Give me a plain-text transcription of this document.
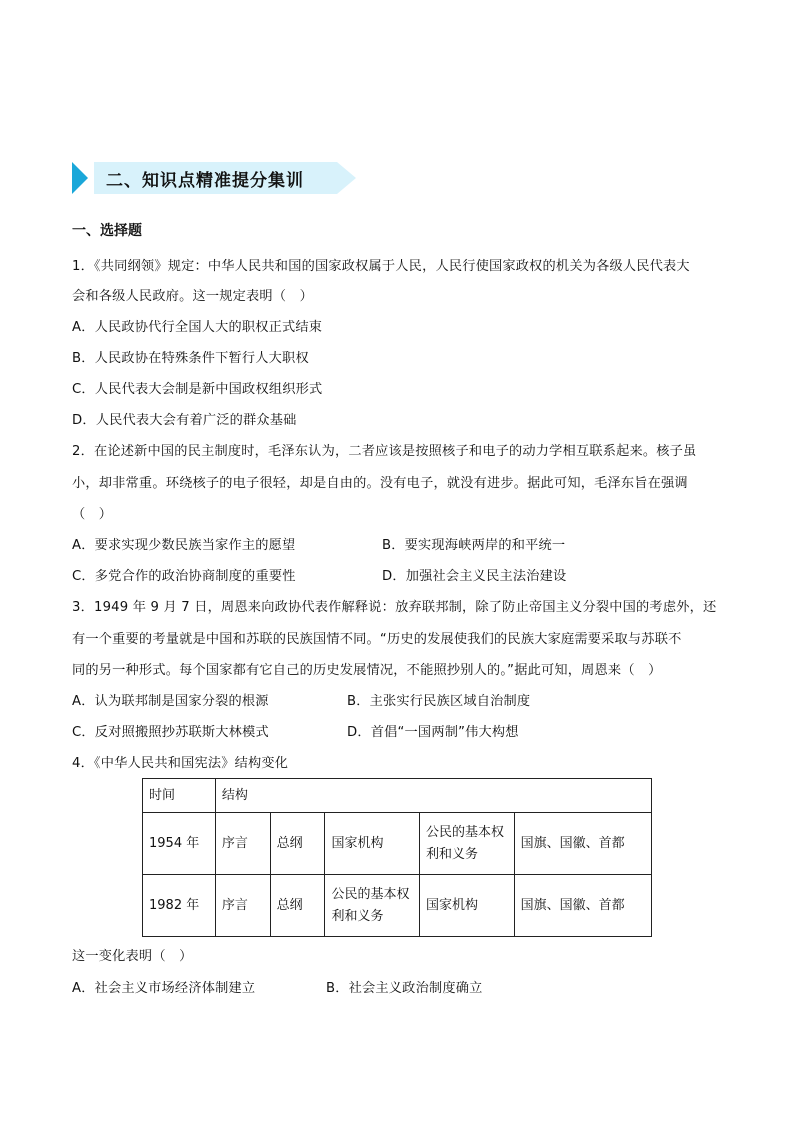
二、知识点精准提分集训
一、选择题
1．《共同纲领》规定：中华人民共和国的国家政权属于人民，人民行使国家政权的机关为各级人民代表大
会和各级人民政府。这一规定表明（　）
A．人民政协代行全国人大的职权正式结束
B．人民政协在特殊条件下暂行人大职权
C．人民代表大会制是新中国政权组织形式
D．人民代表大会有着广泛的群众基础
2．在论述新中国的民主制度时，毛泽东认为，二者应该是按照核子和电子的动力学相互联系起来。核子虽
小，却非常重。环绕核子的电子很轻，却是自由的。没有电子，就没有进步。据此可知，毛泽东旨在强调
（　）
A．要求实现少数民族当家作主的愿望	B．要实现海峡两岸的和平统一
C．多党合作的政治协商制度的重要性	D．加强社会主义民主法治建设
3．1949 年 9 月 7 日，周恩来向政协代表作解释说：放弃联邦制，除了防止帝国主义分裂中国的考虑外，还
有一个重要的考量就是中国和苏联的民族国情不同。“历史的发展使我们的民族大家庭需要采取与苏联不
同的另一种形式。每个国家都有它自己的历史发展情况，不能照抄别人的。”据此可知，周恩来（　）
A．认为联邦制是国家分裂的根源	B．主张实行民族区域自治制度
C．反对照搬照抄苏联斯大林模式	D．首倡“一国两制”伟大构想
4．《中华人民共和国宪法》结构变化
时间	结构				
1954 年	序言	总纲	国家机构	公民的基本权利和义务	国旗、国徽、首都
1982 年	序言	总纲	公民的基本权利和义务	国家机构	国旗、国徽、首都
这一变化表明（　）
A．社会主义市场经济体制建立	B．社会主义政治制度确立
